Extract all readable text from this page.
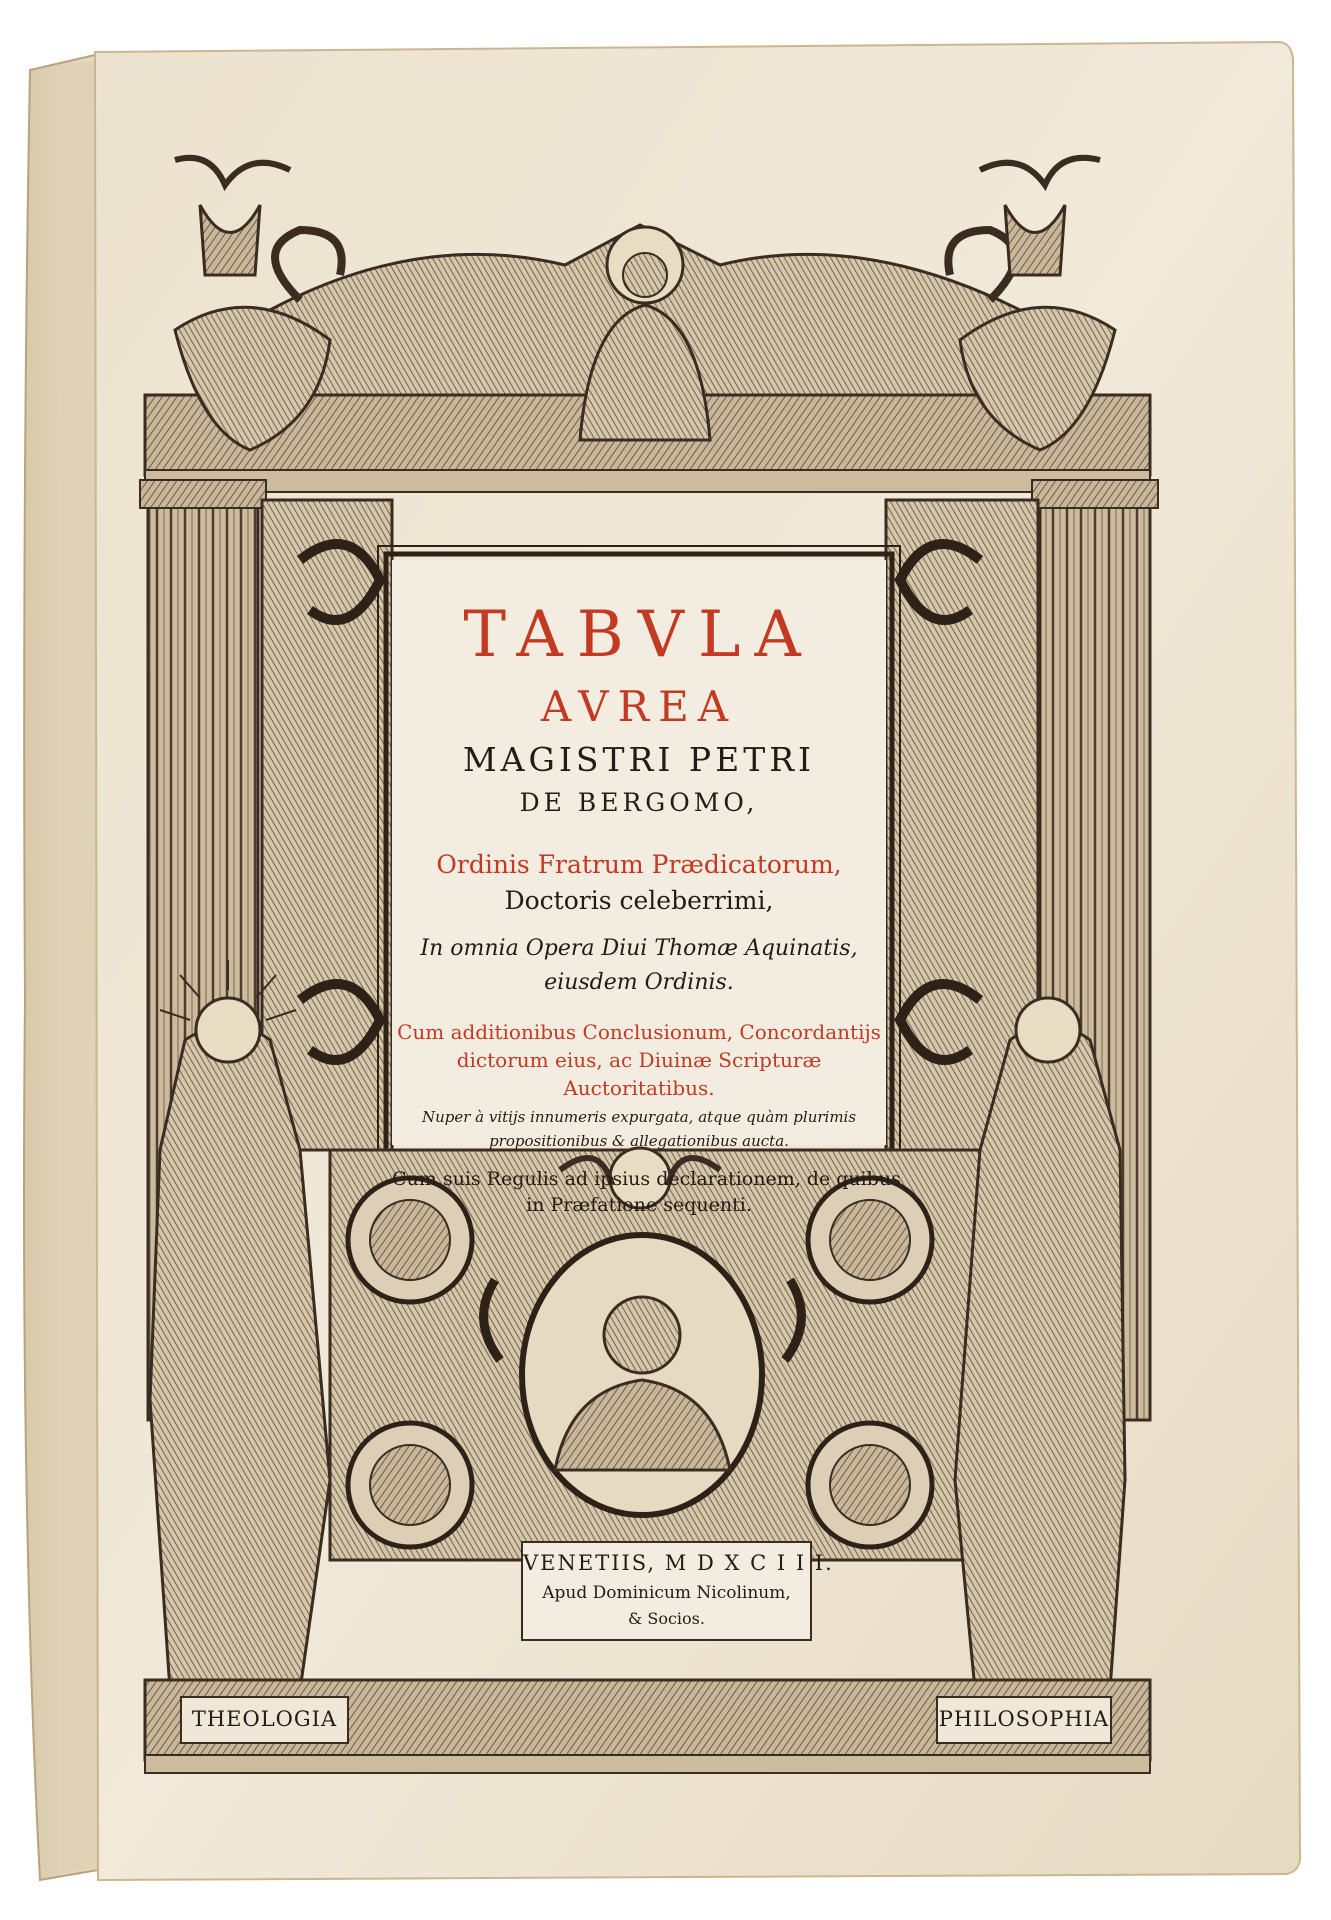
TABVLA
AVREA
MAGISTRI PETRI
DE BERGOMO,
Ordinis Fratrum Prædicatorum,
Doctoris celeberrimi,
In omnia Opera Diui Thomæ Aquinatis,
eiusdem Ordinis.
Cum additionibus Conclusionum, Concordantijs
dictorum eius, ac Diuinæ Scripturæ
Auctoritatibus.
Nuper à vitijs innumeris expurgata, atque quàm plurimis
propositionibus & allegationibus aucta.
Cum suis Regulis ad ipsius declarationem, de quibus
in Præfatione sequenti.
VENETIIS, M D X C I I I.
Apud Dominicum Nicolinum,
& Socios.
THEOLOGIA	PHILOSOPHIA
